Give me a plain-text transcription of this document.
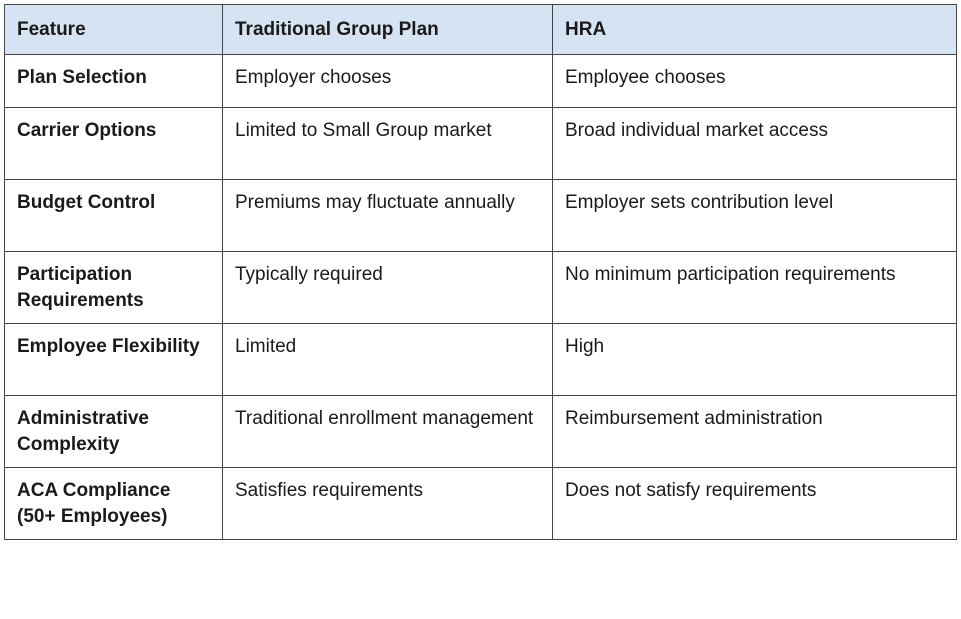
Feature	Traditional Group Plan	HRA
Plan Selection	Employer chooses	Employee chooses
Carrier Options	Limited to Small Group market	Broad individual market access
Budget Control	Premiums may fluctuate annually	Employer sets contribution level
Participation Requirements	Typically required	No minimum participation requirements
Employee Flexibility	Limited	High
Administrative Complexity	Traditional enrollment management	Reimbursement administration
ACA Compliance (50+ Employees)	Satisfies requirements	Does not satisfy requirements
